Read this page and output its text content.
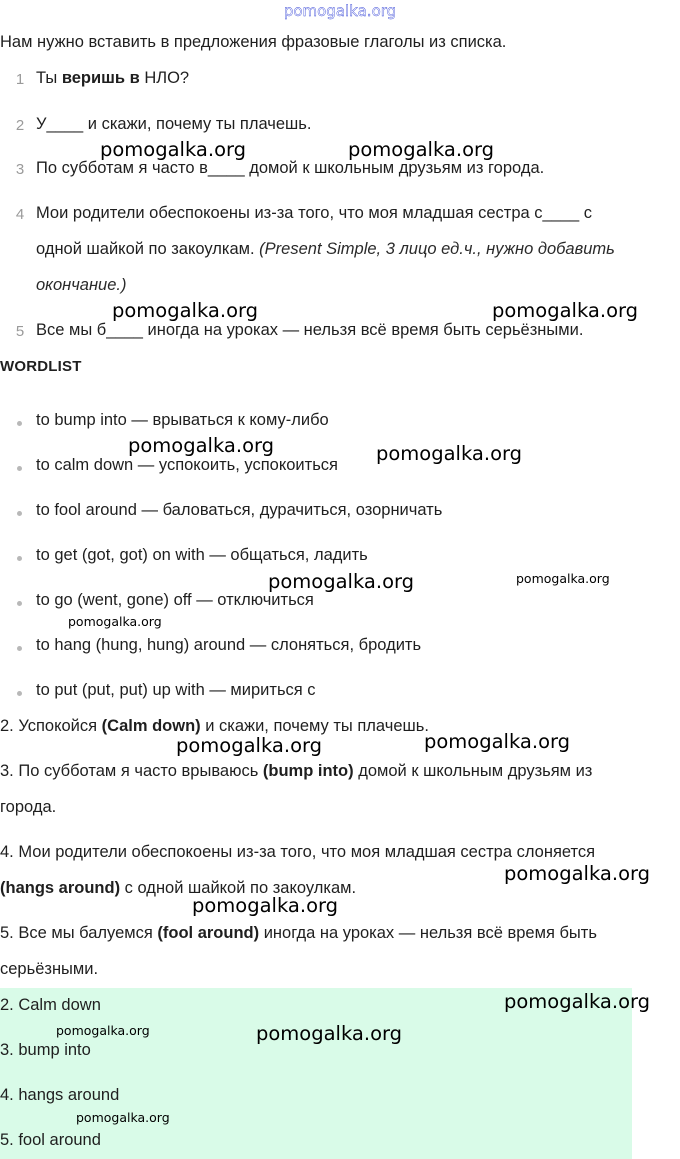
pomogalka.org
Нам нужно вставить в предложения фразовые глаголы из списка.
1 Ты веришь в НЛО?
2 У____ и скажи, почему ты плачешь.
3 По субботам я часто в____ домой к школьным друзьям из города.
4 Мои родители обеспокоены из-за того, что моя младшая сестра с____ с
одной шайкой по закоулкам. (Present Simple, 3 лицо ед.ч., нужно добавить
окончание.)
5 Все мы б____ иногда на уроках — нельзя всё время быть серьёзными.
WORDLIST
to bump into — врываться к кому-либо
to calm down — успокоить, успокоиться
to fool around — баловаться, дурачиться, озорничать
to get (got, got) on with — общаться, ладить
to go (went, gone) off — отключиться
to hang (hung, hung) around — слоняться, бродить
to put (put, put) up with — мириться с
2. Успокойся (Calm down) и скажи, почему ты плачешь.
3. По субботам я часто врываюсь (bump into) домой к школьным друзьям из
города.
4. Мои родители обеспокоены из-за того, что моя младшая сестра слоняется
(hangs around) с одной шайкой по закоулкам.
5. Все мы балуемся (fool around) иногда на уроках — нельзя всё время быть
серьёзными.
2. Calm down
3. bump into
4. hangs around
5. fool around
pomogalka.org	pomogalka.org
pomogalka.org	pomogalka.org
pomogalka.org	pomogalka.org
pomogalka.org	pomogalka.org
pomogalka.org
pomogalka.org	pomogalka.org
pomogalka.org
pomogalka.org
pomogalka.org
pomogalka.org	pomogalka.org
pomogalka.org
